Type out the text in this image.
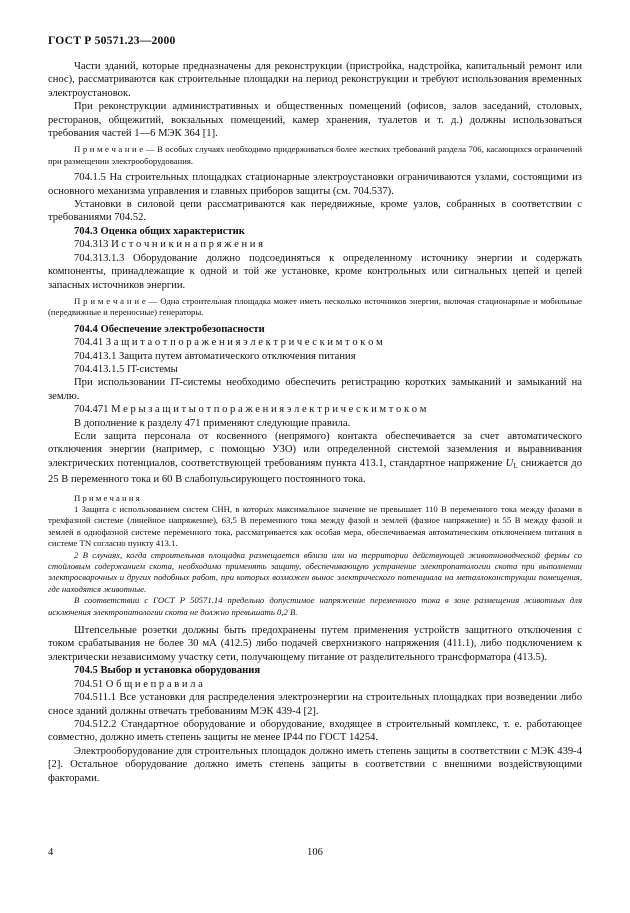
ГОСТ Р 50571.23—2000

Части зданий, которые предназначены для реконструкции (пристройка, надстройка, капитальный ремонт или снос), рассматриваются как строительные площадки на период реконструкции и требуют использования временных электроустановок.

При реконструкции административных и общественных помещений (офисов, залов заседаний, столовых, ресторанов, общежитий, вокзальных помещений, камер хранения, туалетов и т. д.) должны использоваться требования частей 1—6 МЭК 364 [1].

П р и м е ч а н и е — В особых случаях необходимо придерживаться более жестких требований раздела 706, касающихся ограничений при размещении электрооборудования.

704.1.5 На строительных площадках стационарные электроустановки ограничиваются узлами, состоящими из основного механизма управления и главных приборов защиты (см. 704.537).

Установки в силовой цепи рассматриваются как передвижные, кроме узлов, собранных в соответствии с требованиями 704.52.

704.3 Оценка общих характеристик

704.313 И с т о ч н и к и н а п р я ж е н и я

704.313.1.3 Оборудование должно подсоединяться к определенному источнику энергии и содержать компоненты, принадлежащие к одной и той же установке, кроме контрольных или сигнальных цепей и цепей запасных источников энергии.

П р и м е ч а н и е — Одна строительная площадка может иметь несколько источников энергии, включая стационарные и мобильные (передвижные и переносные) генераторы.

704.4 Обеспечение электробезопасности

704.41 З а щ и т а о т п о р а ж е н и я э л е к т р и ч е с к и м т о к о м

704.413.1 Защита путем автоматического отключения питания

704.413.1.5 IT-системы

При использовании IT-системы необходимо обеспечить регистрацию коротких замыканий и замыканий на землю.

704.471 М е р ы з а щ и т ы о т п о р а ж е н и я э л е к т р и ч е с к и м т о к о м

В дополнение к разделу 471 применяют следующие правила.

Если защита персонала от косвенного (непрямого) контакта обеспечивается за счет автоматического отключения энергии (например, с помощью УЗО) или определенной системой заземления и выравнивания электрических потенциалов, соответствующей требованиям пункта 413.1, стандартное напряжение $U_L$ снижается до 25 В переменного тока и 60 В слабопульсирующего постоянного тока.

П р и м е ч а н и я

1 Защита с использованием систем СНН, в которых максимальное значение не превышает 110 В переменного тока между фазами в трехфазной системе (линейное напряжение), 63,5 В переменного тока между фазой и землей (фазное напряжение) и 55 В между фазой и землей в однофазной системе переменного тока, рассматривается как особая мера, обеспечиваемая автоматическим отключением питания в системе TN согласно пункту 413.1.

2 В случаях, когда строительная площадка размещается вблизи или на территории действующей животноводческой фермы со стойловым содержанием скота, необходимо применять защиту, обеспечивающую устранение электропатологии скота при выполнении электросварочных и других подобных работ, при которых возможен вынос электрического потенциала на металлоконструкции помещения, где находятся животные.

В соответствии с ГОСТ Р 50571.14 предельно допустимое напряжение переменного тока в зоне размещения животных для исключения электропатологии скота не должно превышать 0,2 В.

Штепсельные розетки должны быть предохранены путем применения устройств защитного отключения с током срабатывания не более 30 мА (412.5) либо подачей сверхнизкого напряжения (411.1), либо подключением к электрически независимому участку сети, получающему питание от разделительного трансформатора (413.5).

704.5 Выбор и установка оборудования

704.51 О б щ и е п р а в и л а

704.511.1 Все установки для распределения электроэнергии на строительных площадках при возведении либо сносе зданий должны отвечать требованиям МЭК 439-4 [2].

704.512.2 Стандартное оборудование и оборудование, входящее в строительный комплекс, т. е. работающее совместно, должно иметь степень защиты не менее IP44 по ГОСТ 14254.

Электрооборудование для строительных площадок должно иметь степень защиты в соответствии с МЭК 439-4 [2]. Остальное оборудование должно иметь степень защиты в соответствии с внешними воздействующими факторами.

4	106
